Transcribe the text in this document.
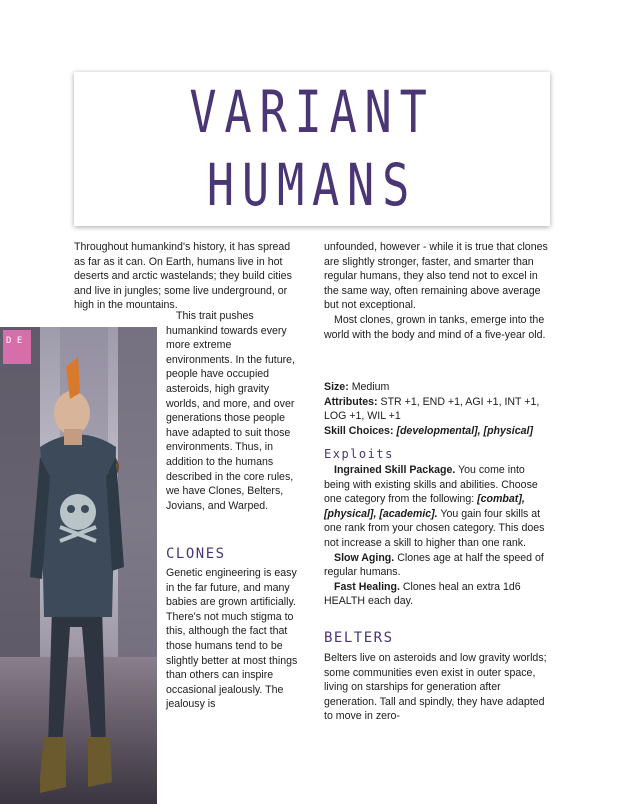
VARIANT
HUMANS

Throughout humankind's history, it has spread as far as it can. On Earth, humans live in hot deserts and arctic wastelands; they build cities and live in jungles; some live underground, or high in the mountains.

D E

This trait pushes humankind towards every more extreme environments. In the future, people have occupied asteroids, high gravity worlds, and more, and over generations those people have adapted to suit those environments. Thus, in addition to the humans described in the core rules, we have Clones, Belters, Jovians, and Warped.

CLONES

Genetic engineering is easy in the far future, and many babies are grown artificially. There's not much stigma to this, although the fact that those humans tend to be slightly better at most things than others can inspire occasional jealously. The jealousy is

unfounded, however - while it is true that clones are slightly stronger, faster, and smarter than regular humans, they also tend not to excel in the same way, often remaining above average but not exceptional.

Most clones, grown in tanks, emerge into the world with the body and mind of a five-year old.

Size: Medium

Attributes: STR +1, END +1, AGI +1, INT +1, LOG +1, WIL +1

Skill Choices: [developmental], [physical]

Exploits

Ingrained Skill Package. You come into being with existing skills and abilities. Choose one category from the following: [combat], [physical], [academic]. You gain four skills at one rank from your chosen category. This does not increase a skill to higher than one rank.

Slow Aging. Clones age at half the speed of regular humans.

Fast Healing. Clones heal an extra 1d6 HEALTH each day.

BELTERS

Belters live on asteroids and low gravity worlds; some communities even exist in outer space, living on starships for generation after generation. Tall and spindly, they have adapted to move in zero-
